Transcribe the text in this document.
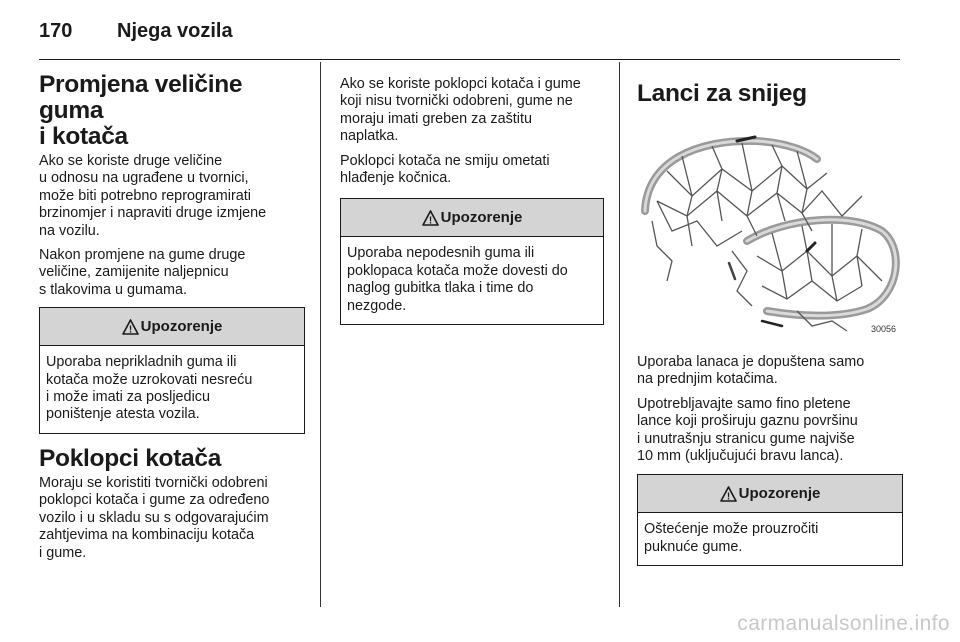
170 Njega vozila
Promjena veličine guma
i kotača

Ako se koriste druge veličine
u odnosu na ugrađene u tvornici,
može biti potrebno reprogramirati
brzinomjer i napraviti druge izmjene
na vozilu.

Nakon promjene na gume druge
veličine, zamijenite naljepnicu
s tlakovima u gumama.

! Upozorenje
Uporaba neprikladnih guma ili
kotača može uzrokovati nesreću
i može imati za posljedicu
poništenje atesta vozila.
Poklopci kotača

Moraju se koristiti tvornički odobreni
poklopci kotača i gume za određeno
vozilo i u skladu su s odgovarajućim
zahtjevima na kombinaciju kotača
i gume.

Ako se koriste poklopci kotača i gume
koji nisu tvornički odobreni, gume ne
moraju imati greben za zaštitu
naplatka.

Poklopci kotača ne smiju ometati
hlađenje kočnica.

! Upozorenje
Uporaba nepodesnih guma ili
poklopaca kotača može dovesti do
naglog gubitka tlaka i time do
nezgode.
Lanci za snijeg
30056

Uporaba lanaca je dopuštena samo
na prednjim kotačima.

Upotrebljavajte samo fino pletene
lance koji proširuju gaznu površinu
i unutrašnju stranicu gume najviše
10 mm (uključujući bravu lanca).

! Upozorenje
Oštećenje može prouzročiti
puknuće gume.
carmanualsonline.info
